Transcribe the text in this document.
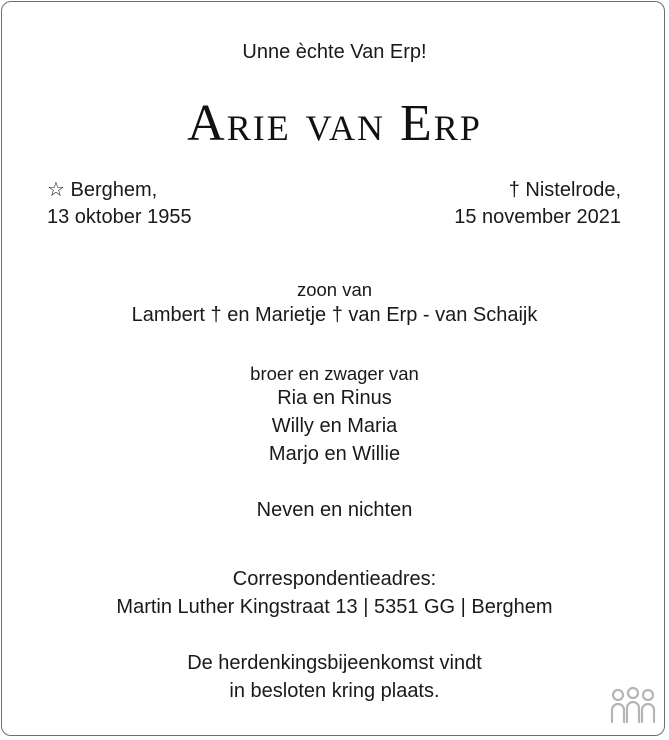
Unne èchte Van Erp!
Arie van Erp
☆ Berghem,
13 oktober 1955
† Nistelrode,
15 november 2021
zoon van
Lambert † en Marietje † van Erp - van Schaijk
broer en zwager van
Ria en Rinus
Willy en Maria
Marjo en Willie
Neven en nichten
Correspondentieadres:
Martin Luther Kingstraat 13 | 5351 GG | Berghem
De herdenkingsbijeenkomst vindt
in besloten kring plaats.
